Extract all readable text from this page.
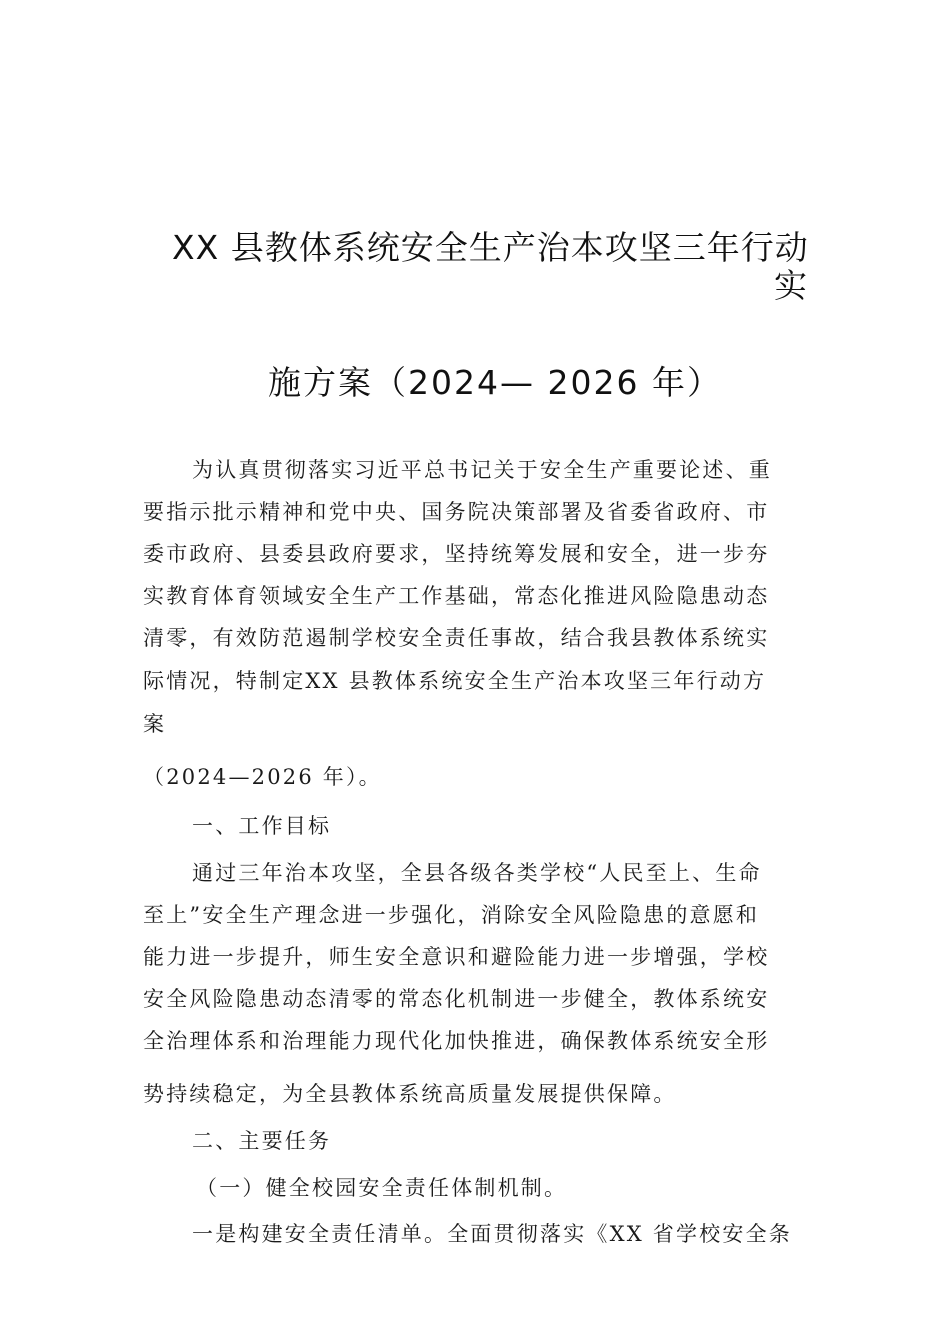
XX 县教体系统安全生产治本攻坚三年行动
实
施方案（2024— 2026 年）
为认真贯彻落实习近平总书记关于安全生产重要论述、重
要指示批示精神和党中央、国务院决策部署及省委省政府、市
委市政府、县委县政府要求，坚持统筹发展和安全，进一步夯
实教育体育领域安全生产工作基础，常态化推进风险隐患动态
清零，有效防范遏制学校安全责任事故，结合我县教体系统实
际情况，特制定XX 县教体系统安全生产治本攻坚三年行动方
案
（2024—2026 年）。
一、工作目标
通过三年治本攻坚，全县各级各类学校“人民至上、生命
至上”安全生产理念进一步强化，消除安全风险隐患的意愿和
能力进一步提升，师生安全意识和避险能力进一步增强，学校
安全风险隐患动态清零的常态化机制进一步健全，教体系统安
全治理体系和治理能力现代化加快推进，确保教体系统安全形
势持续稳定，为全县教体系统高质量发展提供保障。
二、主要任务
（一）健全校园安全责任体制机制。
一是构建安全责任清单。全面贯彻落实《XX 省学校安全条
